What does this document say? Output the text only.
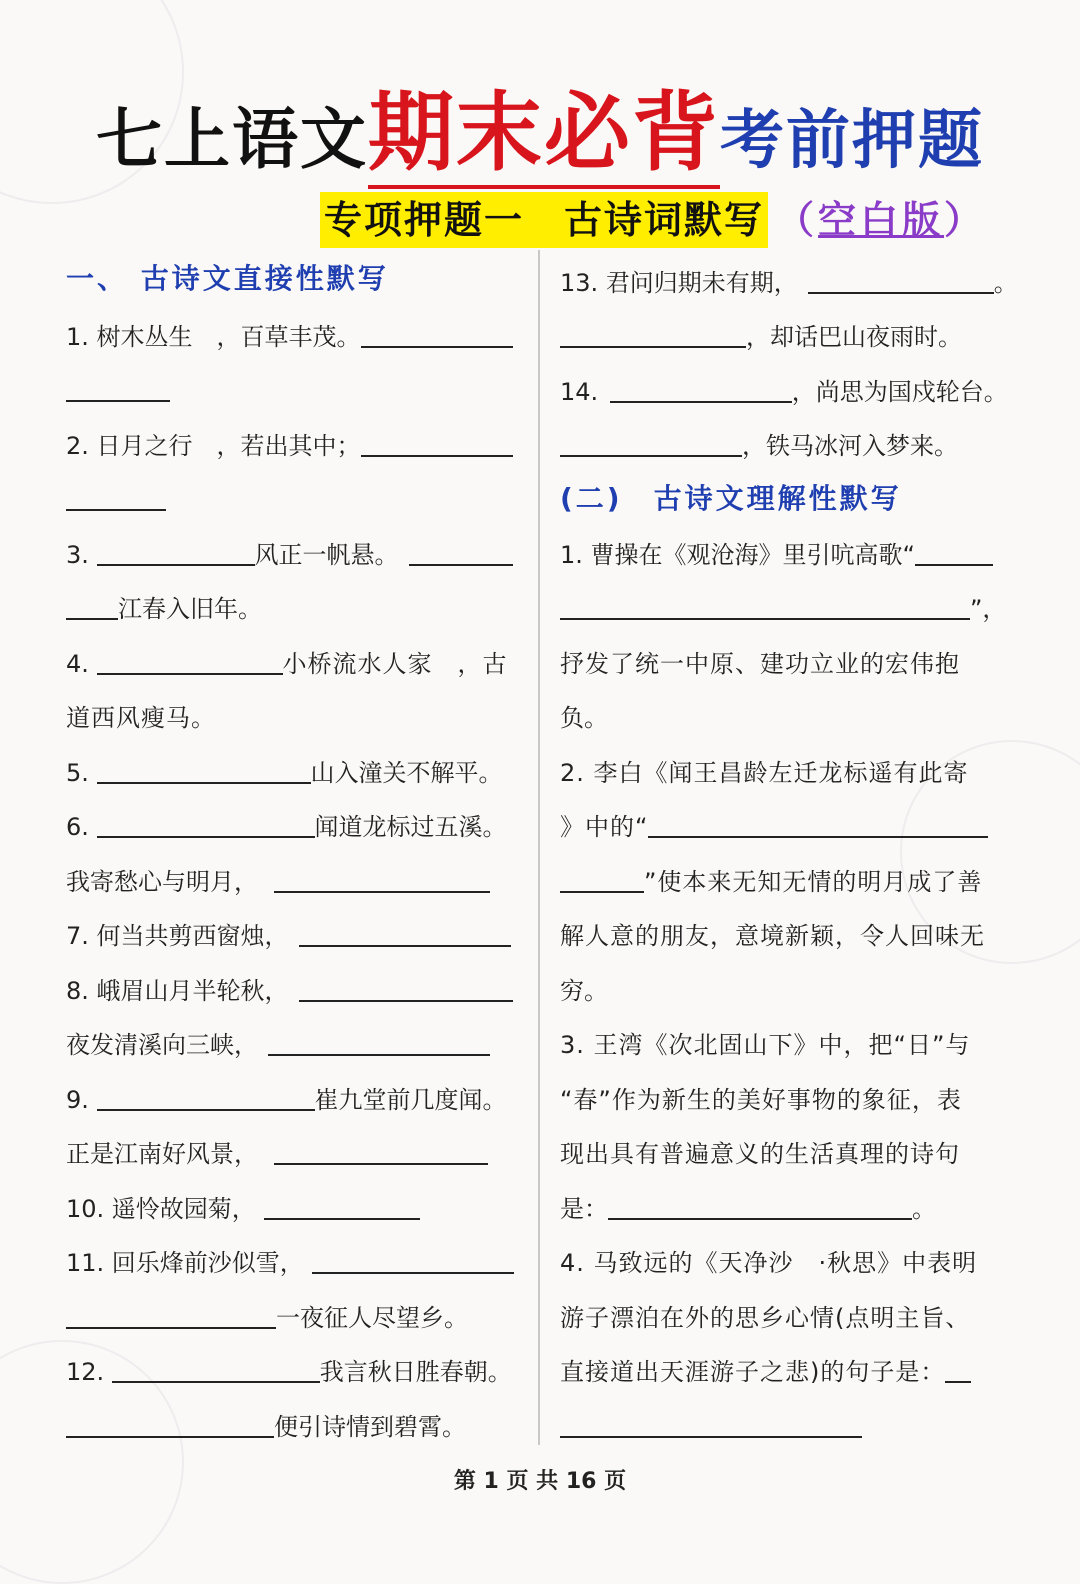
七上语文期末必背考前押题
专项押题一　古诗词默写 （空白版）
一、 古诗文直接性默写
1. 树木丛生　，百草丰茂。
2. 日月之行　，若出其中；
3.	风正一帆悬。
江春入旧年。
4.	小桥流水人家　，古
道西风瘦马。
5.	山入潼关不解平。
6.	闻道龙标过五溪。
我寄愁心与明月，
7. 何当共剪西窗烛，
8. 峨眉山月半轮秋，
夜发清溪向三峡，
9.	崔九堂前几度闻。
正是江南好风景，
10. 遥怜故园菊，
11. 回乐烽前沙似雪，
一夜征人尽望乡。
12.	我言秋日胜春朝。
便引诗情到碧霄。
13. 君问归期未有期，	。
，却话巴山夜雨时。
14.	，尚思为国戍轮台。
，铁马冰河入梦来。
(二)　古诗文理解性默写
1. 曹操在《观沧海》里引吭高歌“
”，
抒发了统一中原、建功立业的宏伟抱
负。
2. 李白《闻王昌龄左迁龙标遥有此寄
》中的“
”使本来无知无情的明月成了善
解人意的朋友，意境新颖，令人回味无
穷。
3. 王湾《次北固山下》中，把“日”与
“春”作为新生的美好事物的象征，表
现出具有普遍意义的生活真理的诗句
是：	。
4. 马致远的《天净沙　·秋思》中表明
游子漂泊在外的思乡心情(点明主旨、
直接道出天涯游子之悲)的句子是：
第 1 页 共 16 页
